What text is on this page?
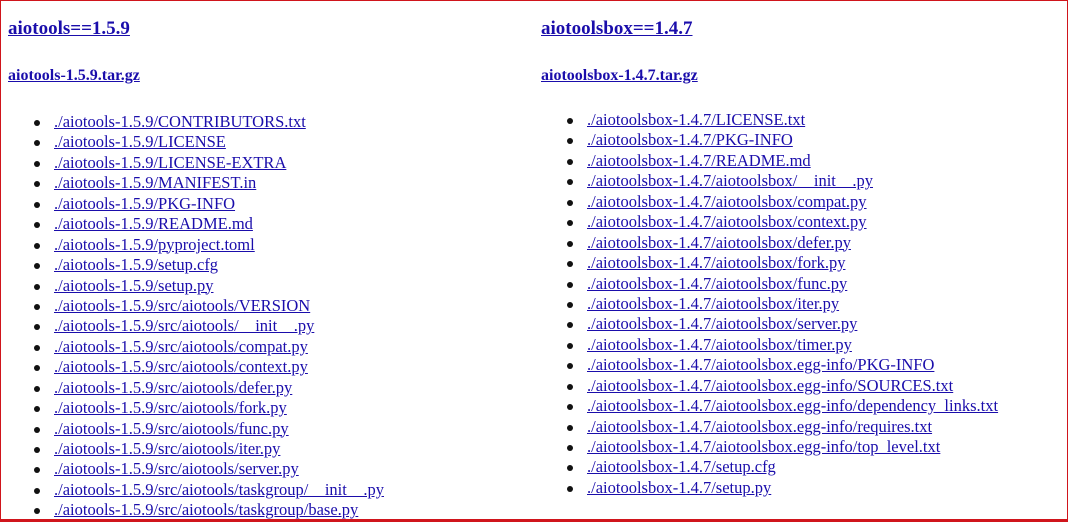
aiotools==1.5.9
aiotools-1.5.9.tar.gz
./aiotools-1.5.9/CONTRIBUTORS.txt
./aiotools-1.5.9/LICENSE
./aiotools-1.5.9/LICENSE-EXTRA
./aiotools-1.5.9/MANIFEST.in
./aiotools-1.5.9/PKG-INFO
./aiotools-1.5.9/README.md
./aiotools-1.5.9/pyproject.toml
./aiotools-1.5.9/setup.cfg
./aiotools-1.5.9/setup.py
./aiotools-1.5.9/src/aiotools/VERSION
./aiotools-1.5.9/src/aiotools/__init__.py
./aiotools-1.5.9/src/aiotools/compat.py
./aiotools-1.5.9/src/aiotools/context.py
./aiotools-1.5.9/src/aiotools/defer.py
./aiotools-1.5.9/src/aiotools/fork.py
./aiotools-1.5.9/src/aiotools/func.py
./aiotools-1.5.9/src/aiotools/iter.py
./aiotools-1.5.9/src/aiotools/server.py
./aiotools-1.5.9/src/aiotools/taskgroup/__init__.py
./aiotools-1.5.9/src/aiotools/taskgroup/base.py
aiotoolsbox==1.4.7
aiotoolsbox-1.4.7.tar.gz
./aiotoolsbox-1.4.7/LICENSE.txt
./aiotoolsbox-1.4.7/PKG-INFO
./aiotoolsbox-1.4.7/README.md
./aiotoolsbox-1.4.7/aiotoolsbox/__init__.py
./aiotoolsbox-1.4.7/aiotoolsbox/compat.py
./aiotoolsbox-1.4.7/aiotoolsbox/context.py
./aiotoolsbox-1.4.7/aiotoolsbox/defer.py
./aiotoolsbox-1.4.7/aiotoolsbox/fork.py
./aiotoolsbox-1.4.7/aiotoolsbox/func.py
./aiotoolsbox-1.4.7/aiotoolsbox/iter.py
./aiotoolsbox-1.4.7/aiotoolsbox/server.py
./aiotoolsbox-1.4.7/aiotoolsbox/timer.py
./aiotoolsbox-1.4.7/aiotoolsbox.egg-info/PKG-INFO
./aiotoolsbox-1.4.7/aiotoolsbox.egg-info/SOURCES.txt
./aiotoolsbox-1.4.7/aiotoolsbox.egg-info/dependency_links.txt
./aiotoolsbox-1.4.7/aiotoolsbox.egg-info/requires.txt
./aiotoolsbox-1.4.7/aiotoolsbox.egg-info/top_level.txt
./aiotoolsbox-1.4.7/setup.cfg
./aiotoolsbox-1.4.7/setup.py
